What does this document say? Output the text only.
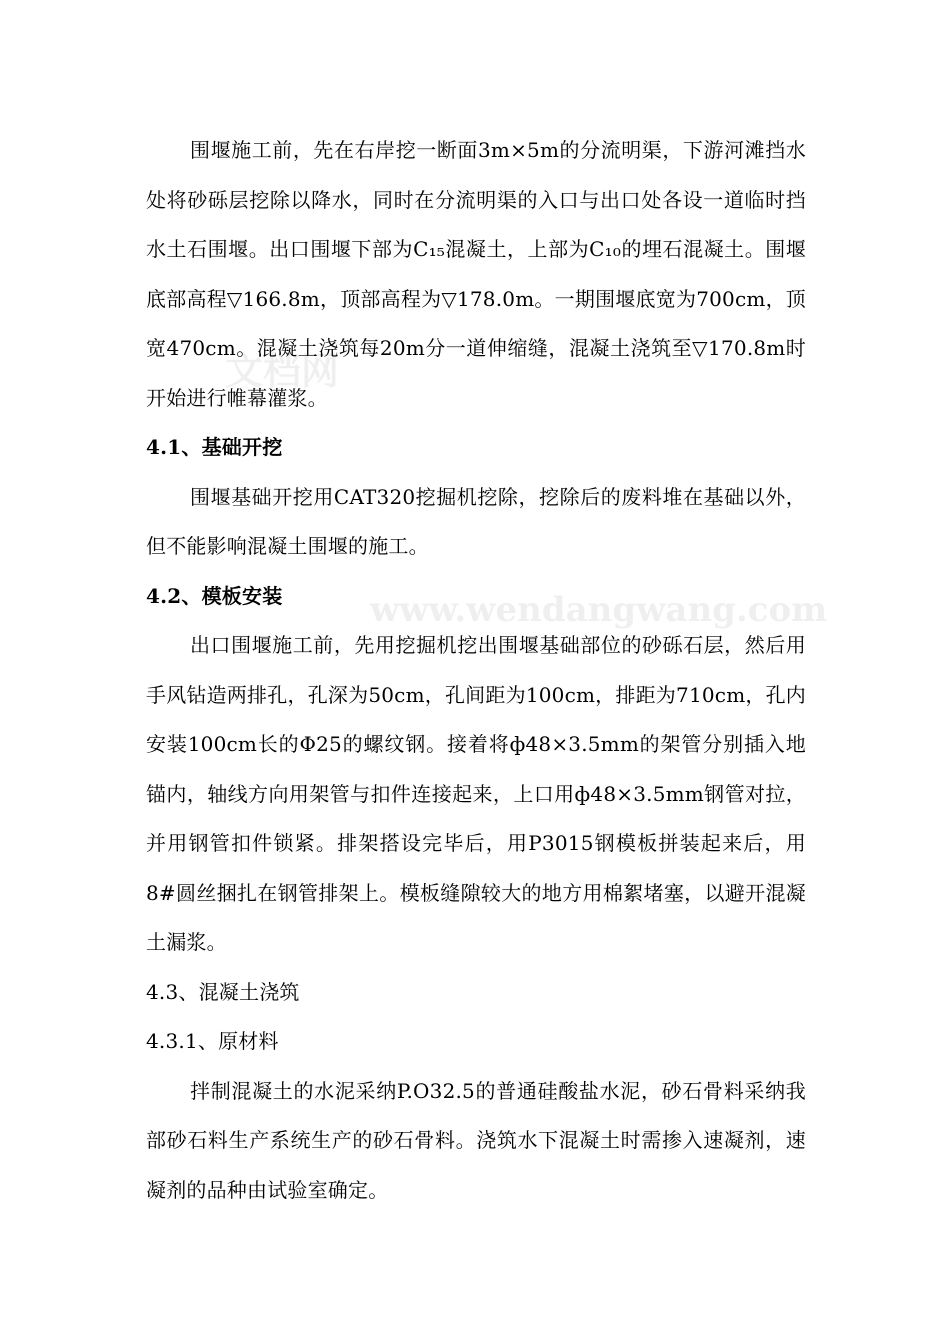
文档网
www.wendangwang.com

围堰施工前，先在右岸挖一断面3m×5m的分流明渠，下游河滩挡水处将砂砾层挖除以降水，同时在分流明渠的入口与出口处各设一道临时挡水土石围堰。出口围堰下部为C₁₅混凝土，上部为C₁₀的埋石混凝土。围堰底部高程▽166.8m，顶部高程为▽178.0m。一期围堰底宽为700cm，顶宽470cm。混凝土浇筑每20m分一道伸缩缝，混凝土浇筑至▽170.8m时开始进行帷幕灌浆。

4.1、基础开挖

围堰基础开挖用CAT320挖掘机挖除，挖除后的废料堆在基础以外，但不能影响混凝土围堰的施工。

4.2、模板安装

出口围堰施工前，先用挖掘机挖出围堰基础部位的砂砾石层，然后用手风钻造两排孔，孔深为50cm，孔间距为100cm，排距为710cm，孔内安装100cm长的Φ25的螺纹钢。接着将ф48×3.5mm的架管分别插入地锚内，轴线方向用架管与扣件连接起来，上口用ф48×3.5mm钢管对拉，并用钢管扣件锁紧。排架搭设完毕后，用P3015钢模板拼装起来后，用8#圆丝捆扎在钢管排架上。模板缝隙较大的地方用棉絮堵塞，以避开混凝土漏浆。

4.3、混凝土浇筑

4.3.1、原材料

拌制混凝土的水泥采纳P.O32.5的普通硅酸盐水泥，砂石骨料采纳我部砂石料生产系统生产的砂石骨料。浇筑水下混凝土时需掺入速凝剂，速凝剂的品种由试验室确定。
